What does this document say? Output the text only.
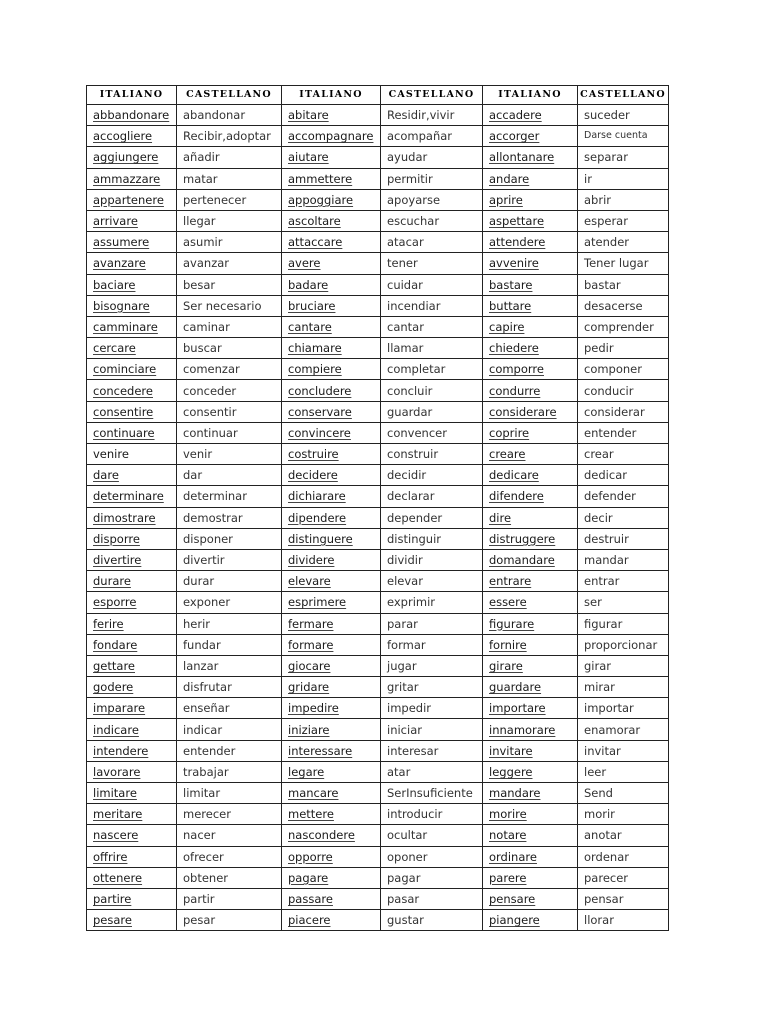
ITALIANO	CASTELLANO	ITALIANO	CASTELLANO	ITALIANO	CASTELLANO
abbandonare	abandonar	abitare	Residir,vivir	accadere	suceder
accogliere	Recibir,adoptar	accompagnare	acompañar	accorger	Darse cuenta
aggiungere	añadir	aiutare	ayudar	allontanare	separar
ammazzare	matar	ammettere	permitir	andare	ir
appartenere	pertenecer	appoggiare	apoyarse	aprire	abrir
arrivare	llegar	ascoltare	escuchar	aspettare	esperar
assumere	asumir	attaccare	atacar	attendere	atender
avanzare	avanzar	avere	tener	avvenire	Tener lugar
baciare	besar	badare	cuidar	bastare	bastar
bisognare	Ser necesario	bruciare	incendiar	buttare	desacerse
camminare	caminar	cantare	cantar	capire	comprender
cercare	buscar	chiamare	llamar	chiedere	pedir
cominciare	comenzar	compiere	completar	comporre	componer
concedere	conceder	concludere	concluir	condurre	conducir
consentire	consentir	conservare	guardar	considerare	considerar
continuare	continuar	convincere	convencer	coprire	entender
venire	venir	costruire	construir	creare	crear
dare	dar	decidere	decidir	dedicare	dedicar
determinare	determinar	dichiarare	declarar	difendere	defender
dimostrare	demostrar	dipendere	depender	dire	decir
disporre	disponer	distinguere	distinguir	distruggere	destruir
divertire	divertir	dividere	dividir	domandare	mandar
durare	durar	elevare	elevar	entrare	entrar
esporre	exponer	esprimere	exprimir	essere	ser
ferire	herir	fermare	parar	figurare	figurar
fondare	fundar	formare	formar	fornire	proporcionar
gettare	lanzar	giocare	jugar	girare	girar
godere	disfrutar	gridare	gritar	guardare	mirar
imparare	enseñar	impedire	impedir	importare	importar
indicare	indicar	iniziare	iniciar	innamorare	enamorar
intendere	entender	interessare	interesar	invitare	invitar
lavorare	trabajar	legare	atar	leggere	leer
limitare	limitar	mancare	SerInsuficiente	mandare	Send
meritare	merecer	mettere	introducir	morire	morir
nascere	nacer	nascondere	ocultar	notare	anotar
offrire	ofrecer	opporre	oponer	ordinare	ordenar
ottenere	obtener	pagare	pagar	parere	parecer
partire	partir	passare	pasar	pensare	pensar
pesare	pesar	piacere	gustar	piangere	llorar
